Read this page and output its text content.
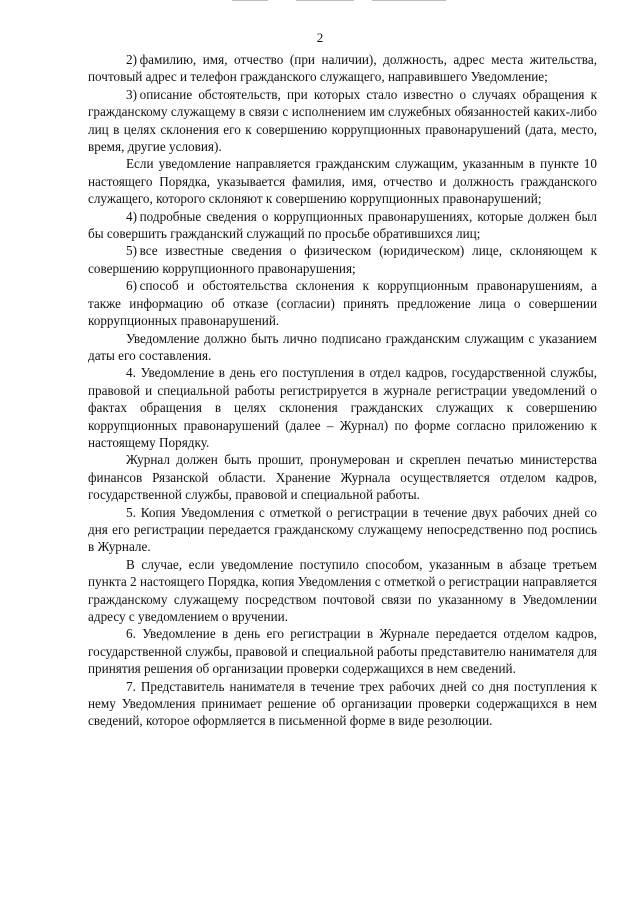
2

2) фамилию, имя, отчество (при наличии), должность, адрес места жительства, почтовый адрес и телефон гражданского служащего, направившего Уведомление;

3) описание обстоятельств, при которых стало известно о случаях обращения к гражданскому служащему в связи с исполнением им служебных обязанностей каких-либо лиц в целях склонения его к совершению коррупционных правонарушений (дата, место, время, другие условия).

Если уведомление направляется гражданским служащим, указанным в пункте 10 настоящего Порядка, указывается фамилия, имя, отчество и должность гражданского служащего, которого склоняют к совершению коррупционных правонарушений;

4) подробные сведения о коррупционных правонарушениях, которые должен был бы совершить гражданский служащий по просьбе обратившихся лиц;

5) все известные сведения о физическом (юридическом) лице, склоняющем к совершению коррупционного правонарушения;

6) способ и обстоятельства склонения к коррупционным правонарушениям, а также информацию об отказе (согласии) принять предложение лица о совершении коррупционных правонарушений.

Уведомление должно быть лично подписано гражданским служащим с указанием даты его составления.

4. Уведомление в день его поступления в отдел кадров, государственной службы, правовой и специальной работы регистрируется в журнале регистрации уведомлений о фактах обращения в целях склонения гражданских служащих к совершению коррупционных правонарушений (далее – Журнал) по форме согласно приложению к настоящему Порядку.

Журнал должен быть прошит, пронумерован и скреплен печатью министерства финансов Рязанской области. Хранение Журнала осуществляется отделом кадров, государственной службы, правовой и специальной работы.

5. Копия Уведомления с отметкой о регистрации в течение двух рабочих дней со дня его регистрации передается гражданскому служащему непосредственно под роспись в Журнале.

В случае, если уведомление поступило способом, указанным в абзаце третьем пункта 2 настоящего Порядка, копия Уведомления с отметкой о регистрации направляется гражданскому служащему посредством почтовой связи по указанному в Уведомлении адресу с уведомлением о вручении.

6. Уведомление в день его регистрации в Журнале передается отделом кадров, государственной службы, правовой и специальной работы представителю нанимателя для принятия решения об организации проверки содержащихся в нем сведений.

7. Представитель нанимателя в течение трех рабочих дней со дня поступления к нему Уведомления принимает решение об организации проверки содержащихся в нем сведений, которое оформляется в письменной форме в виде резолюции.
